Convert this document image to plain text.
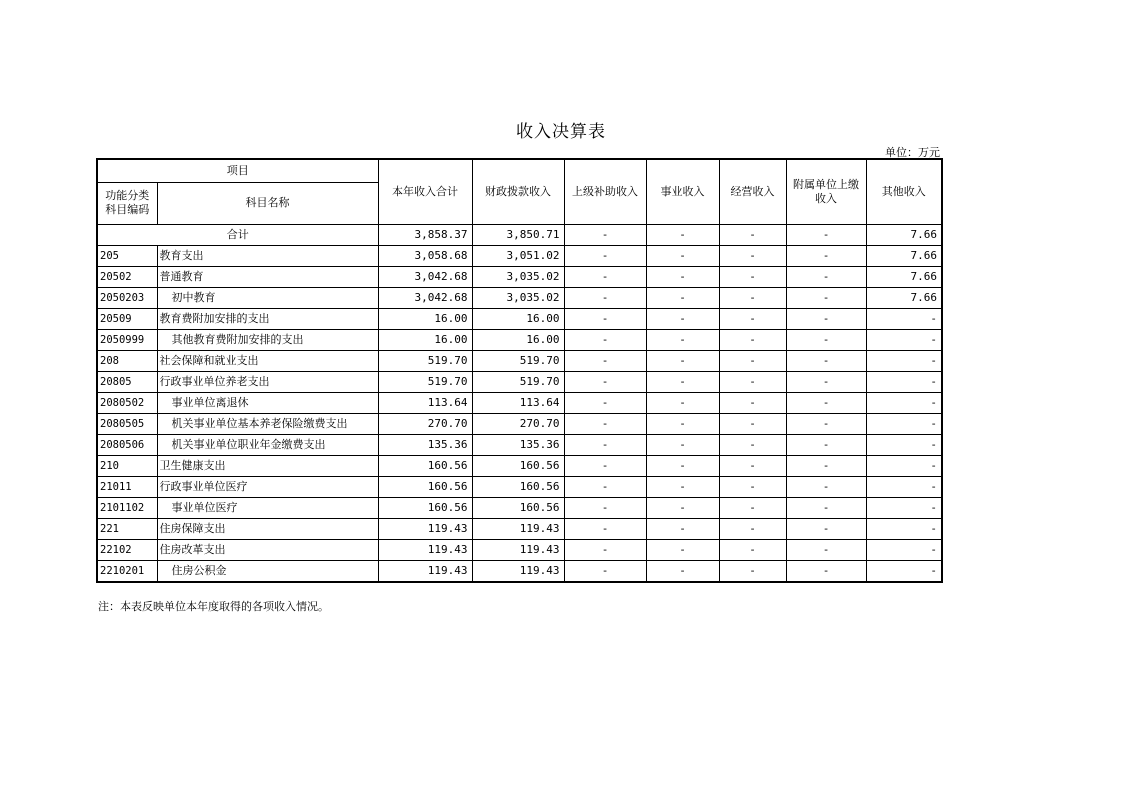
收入决算表
单位：万元
项目		本年收入合计	财政拨款收入	上级补助收入	事业收入	经营收入	附属单位上缴收入	其他收入
功能分类科目编码	科目名称							
合计		3,858.37	3,850.71	-	-	-	-	7.66
205	教育支出	3,058.68	3,051.02	-	-	-	-	7.66
20502	普通教育	3,042.68	3,035.02	-	-	-	-	7.66
2050203	初中教育	3,042.68	3,035.02	-	-	-	-	7.66
20509	教育费附加安排的支出	16.00	16.00	-	-	-	-	-
2050999	其他教育费附加安排的支出	16.00	16.00	-	-	-	-	-
208	社会保障和就业支出	519.70	519.70	-	-	-	-	-
20805	行政事业单位养老支出	519.70	519.70	-	-	-	-	-
2080502	事业单位离退休	113.64	113.64	-	-	-	-	-
2080505	机关事业单位基本养老保险缴费支出	270.70	270.70	-	-	-	-	-
2080506	机关事业单位职业年金缴费支出	135.36	135.36	-	-	-	-	-
210	卫生健康支出	160.56	160.56	-	-	-	-	-
21011	行政事业单位医疗	160.56	160.56	-	-	-	-	-
2101102	事业单位医疗	160.56	160.56	-	-	-	-	-
221	住房保障支出	119.43	119.43	-	-	-	-	-
22102	住房改革支出	119.43	119.43	-	-	-	-	-
2210201	住房公积金	119.43	119.43	-	-	-	-	-
注：本表反映单位本年度取得的各项收入情况。
